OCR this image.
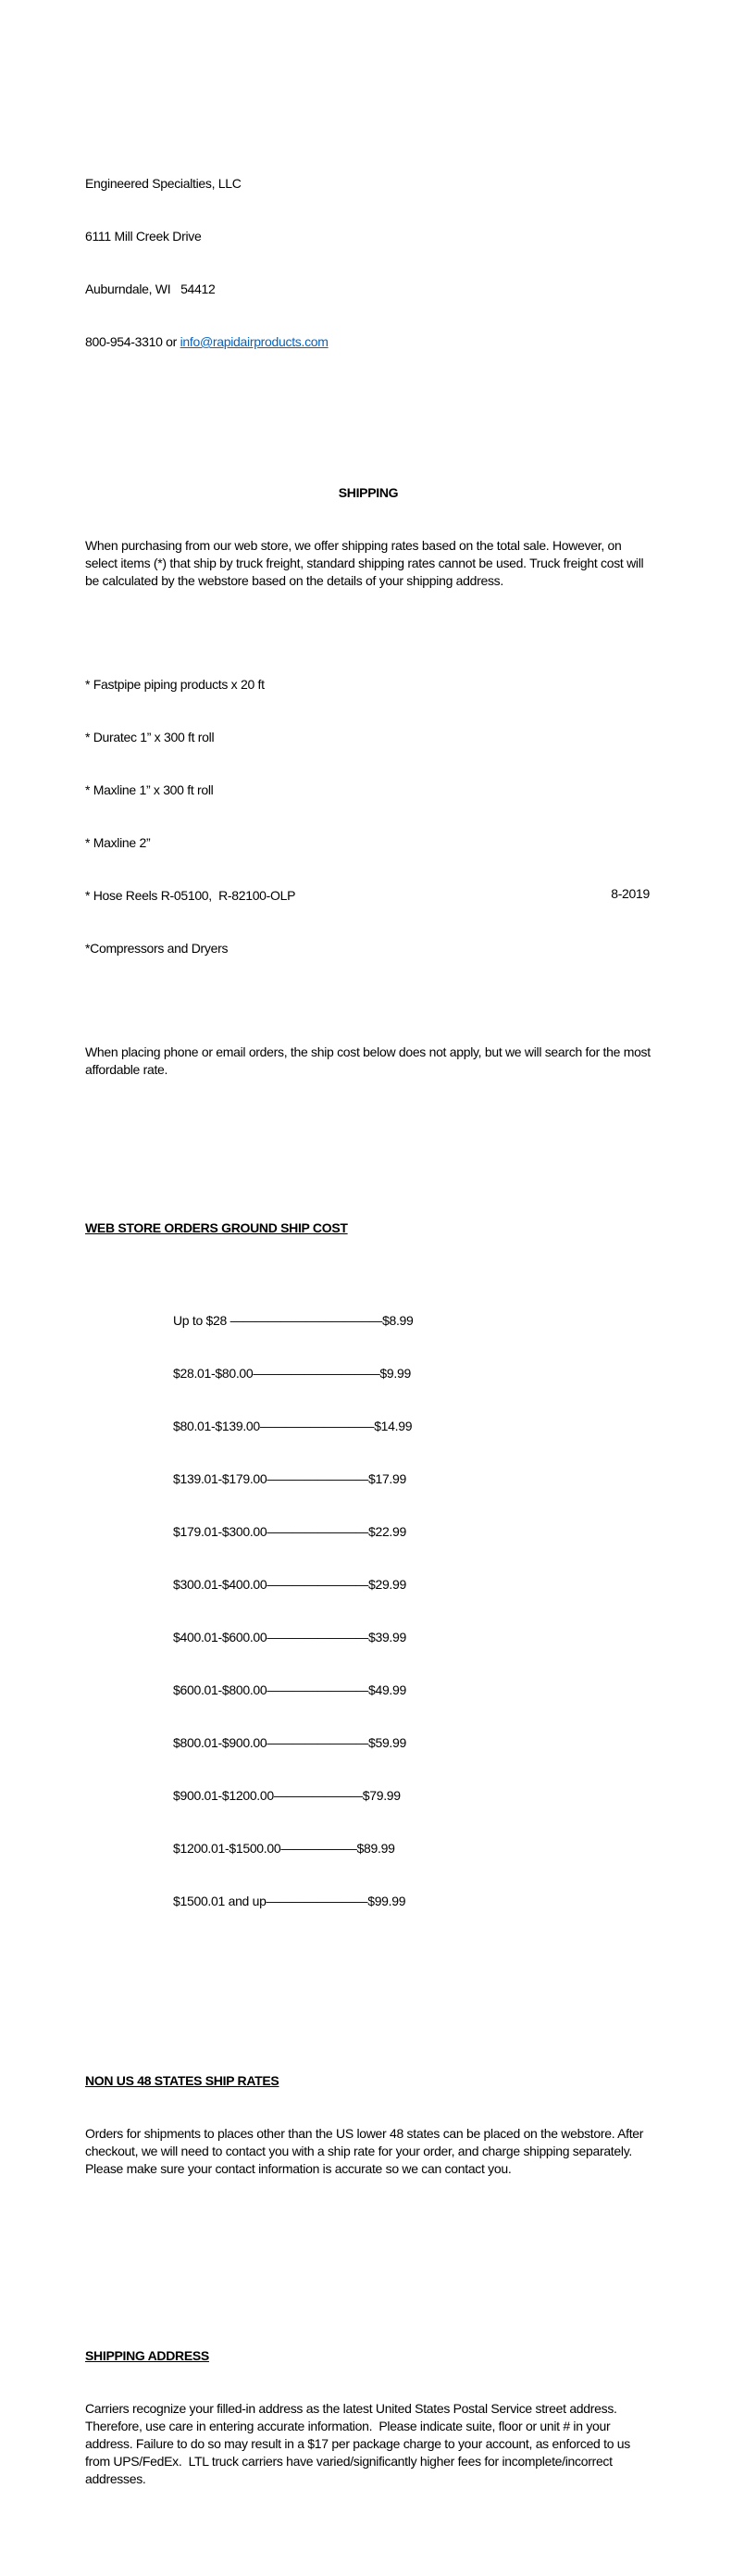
Engineered Specialties, LLC

6111 Mill Creek Drive

Auburndale, WI   54412

800-954-3310 or info@rapidairproducts.com

SHIPPING

When purchasing from our web store, we offer shipping rates based on the total sale. However, on select items (*) that ship by truck freight, standard shipping rates cannot be used. Truck freight cost will be calculated by the webstore based on the details of your shipping address.

* Fastpipe piping products x 20 ft

* Duratec 1” x 300 ft roll

* Maxline 1” x 300 ft roll

* Maxline 2”

* Hose Reels R-05100,  R-82100-OLP

*Compressors and Dryers

When placing phone or email orders, the ship cost below does not apply, but we will search for the most affordable rate.

WEB STORE ORDERS GROUND SHIP COST

Up to $28 ————————————$8.99

$28.01-$80.00——————————$9.99

$80.01-$139.00—————————$14.99

$139.01-$179.00————————$17.99

$179.01-$300.00————————$22.99

$300.01-$400.00————————$29.99

$400.01-$600.00————————$39.99

$600.01-$800.00————————$49.99

$800.01-$900.00————————$59.99

$900.01-$1200.00———————$79.99

$1200.01-$1500.00——————$89.99

$1500.01 and up————————$99.99

NON US 48 STATES SHIP RATES

Orders for shipments to places other than the US lower 48 states can be placed on the webstore. After checkout, we will need to contact you with a ship rate for your order, and charge shipping separately. Please make sure your contact information is accurate so we can contact you.

SHIPPING ADDRESS

Carriers recognize your filled-in address as the latest United States Postal Service street address. Therefore, use care in entering accurate information.  Please indicate suite, floor or unit # in your address. Failure to do so may result in a $17 per package charge to your account, as enforced to us from UPS/FedEx.  LTL truck carriers have varied/significantly higher fees for incomplete/incorrect addresses.

8-2019
